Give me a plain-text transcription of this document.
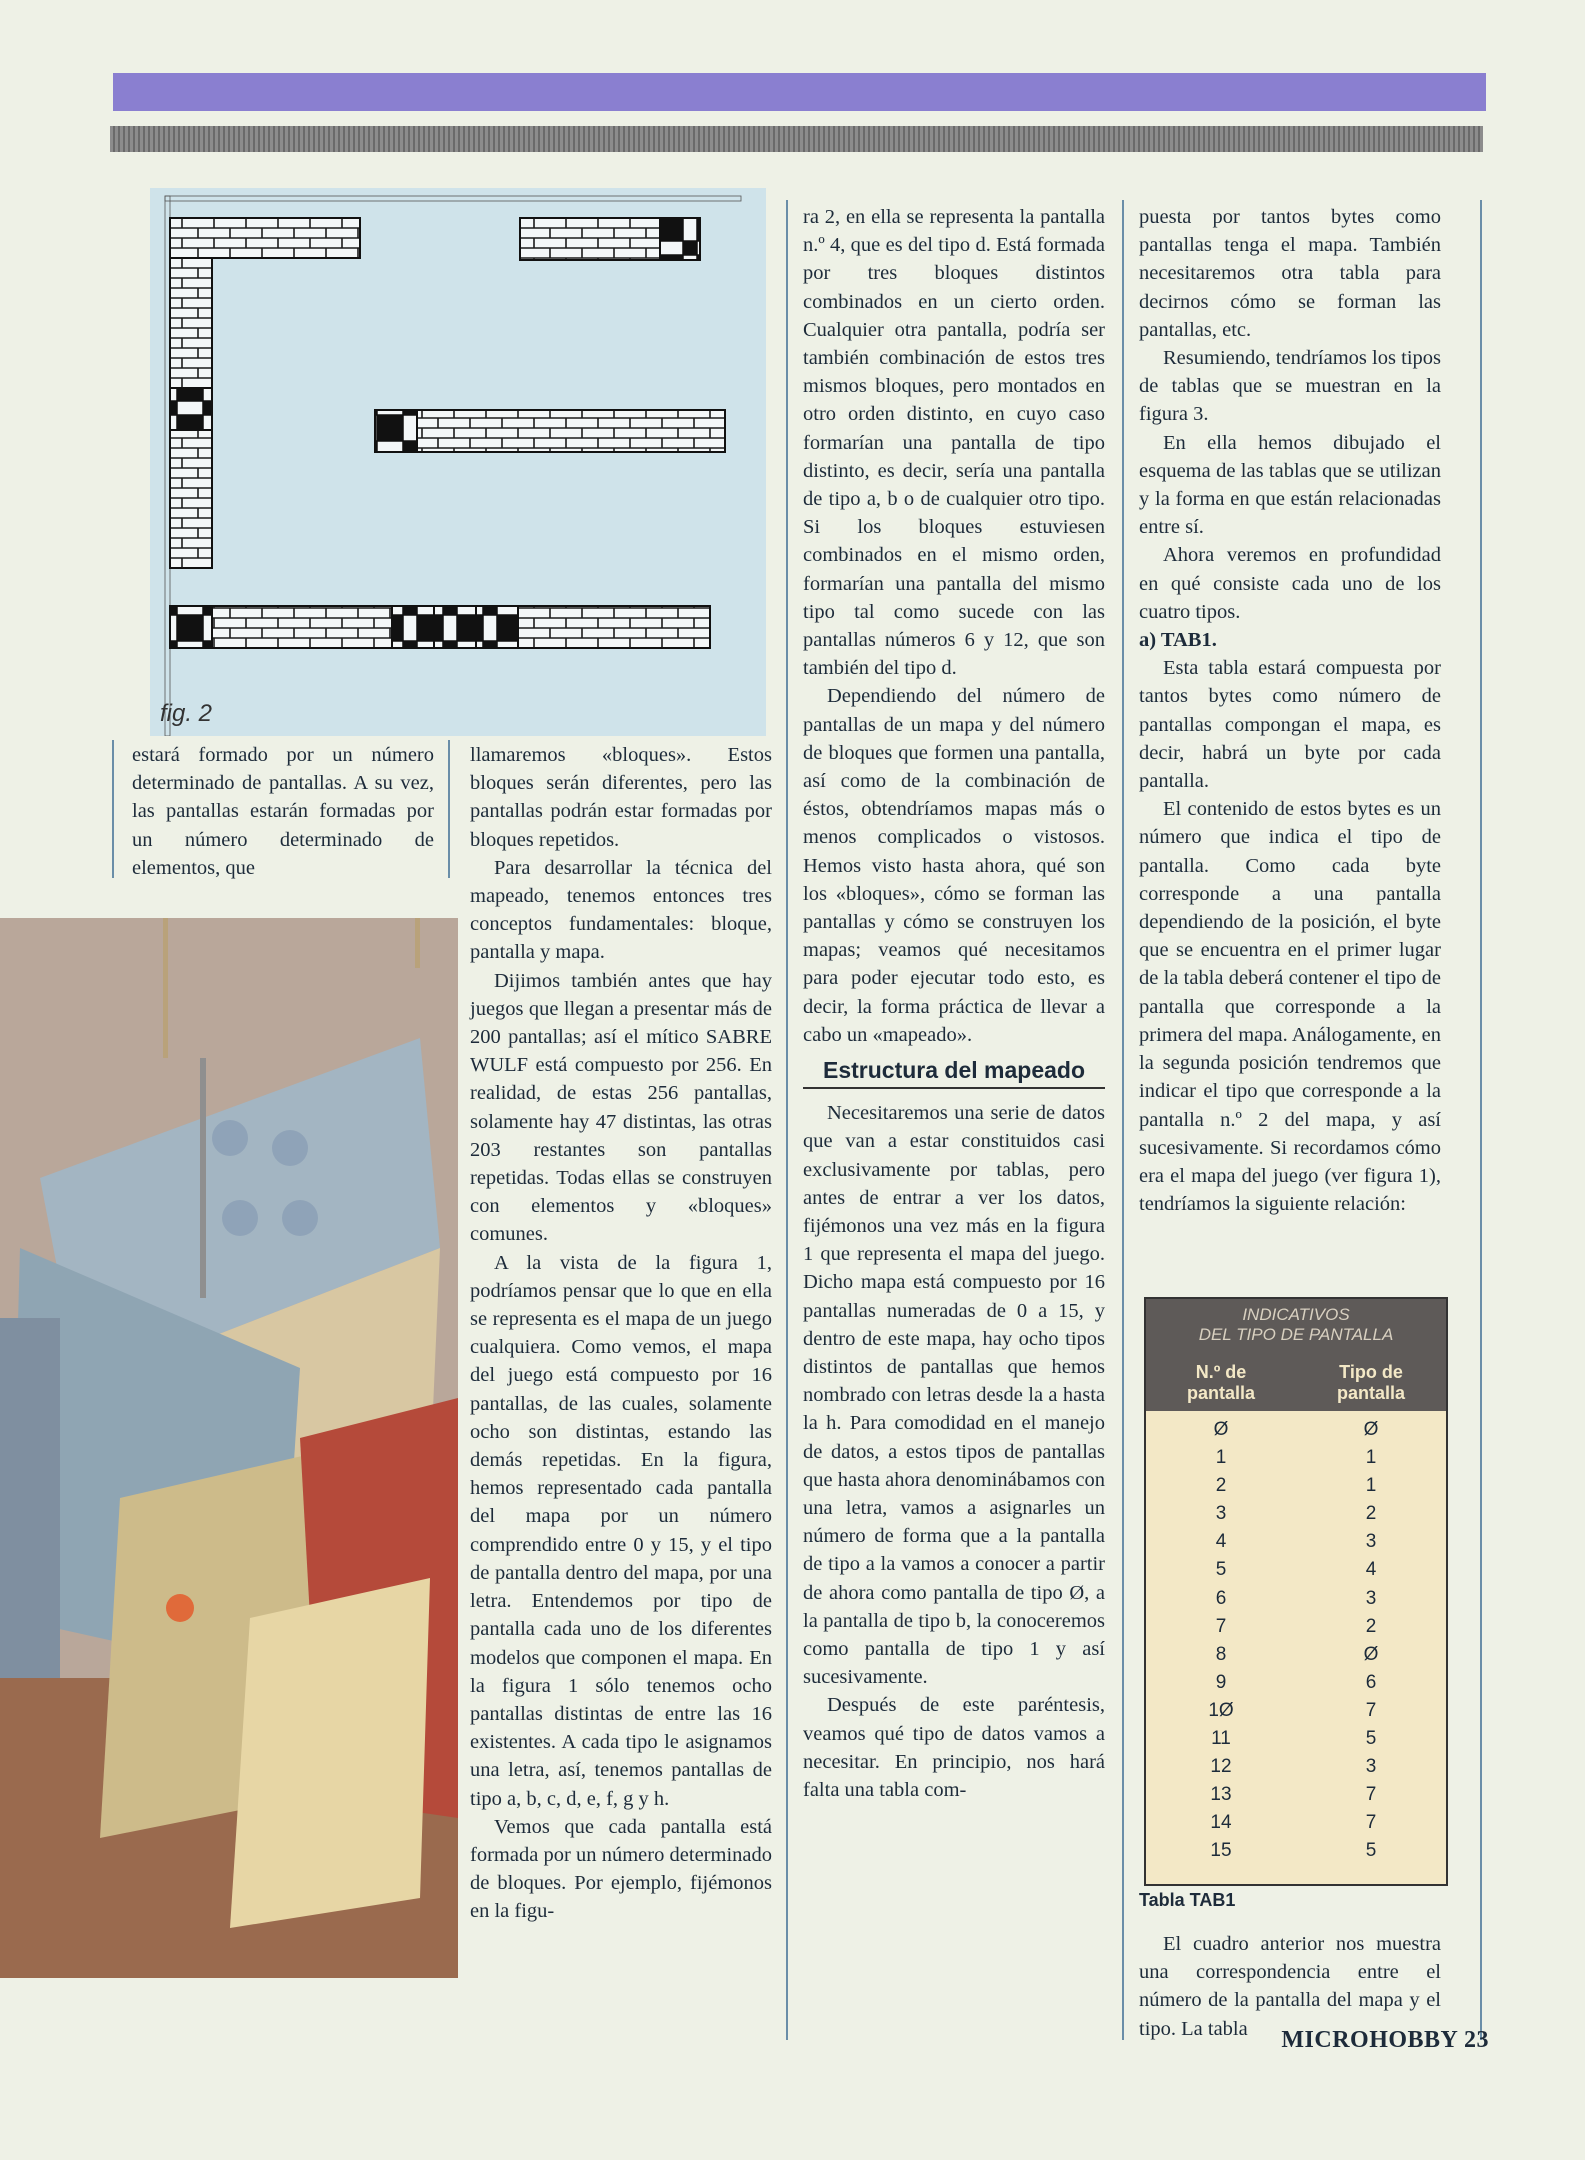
fig. 2

estará formado por un número determinado de pantallas. A su vez, las pantallas estarán formadas por un número determinado de elementos, que

llamaremos «bloques». Estos bloques serán diferentes, pero las pantallas podrán estar formadas por bloques repetidos.

Para desarrollar la técnica del mapeado, tenemos entonces tres conceptos fundamentales: bloque, pantalla y mapa.

Dijimos también antes que hay juegos que llegan a presentar más de 200 pantallas; así el mítico SABRE WULF está compuesto por 256. En realidad, de estas 256 pantallas, solamente hay 47 distintas, las otras 203 restantes son pantallas repetidas. Todas ellas se construyen con elementos y «bloques» comunes.

A la vista de la figura 1, podríamos pensar que lo que en ella se representa es el mapa de un juego cualquiera. Como vemos, el mapa del juego está compuesto por 16 pantallas, de las cuales, solamente ocho son distintas, estando las demás repetidas. En la figura, hemos representado cada pantalla del mapa por un número comprendido entre 0 y 15, y el tipo de pantalla dentro del mapa, por una letra. Entendemos por tipo de pantalla cada uno de los diferentes modelos que componen el mapa. En la figura 1 sólo tenemos ocho pantallas distintas de entre las 16 existentes. A cada tipo le asignamos una letra, así, tenemos pantallas de tipo a, b, c, d, e, f, g y h.

Vemos que cada pantalla está formada por un número determinado de bloques. Por ejemplo, fijémonos en la figu-

ra 2, en ella se representa la pantalla n.º 4, que es del tipo d. Está formada por tres bloques distintos combinados en un cierto orden. Cualquier otra pantalla, podría ser también combinación de estos tres mismos bloques, pero montados en otro orden distinto, en cuyo caso formarían una pantalla de tipo distinto, es decir, sería una pantalla de tipo a, b o de cualquier otro tipo. Si los bloques estuviesen combinados en el mismo orden, formarían una pantalla del mismo tipo tal como sucede con las pantallas números 6 y 12, que son también del tipo d.

Dependiendo del número de pantallas de un mapa y del número de bloques que formen una pantalla, así como de la combinación de éstos, obtendríamos mapas más o menos complicados o vistosos. Hemos visto hasta ahora, qué son los «bloques», cómo se forman las pantallas y cómo se construyen los mapas; veamos qué necesitamos para poder ejecutar todo esto, es decir, la forma práctica de llevar a cabo un «mapeado».

Estructura del mapeado

Necesitaremos una serie de datos que van a estar constituidos casi exclusivamente por tablas, pero antes de entrar a ver los datos, fijémonos una vez más en la figura 1 que representa el mapa del juego. Dicho mapa está compuesto por 16 pantallas numeradas de 0 a 15, y dentro de este mapa, hay ocho tipos distintos de pantallas que hemos nombrado con letras desde la a hasta la h. Para comodidad en el manejo de datos, a estos tipos de pantallas que hasta ahora denominábamos con una letra, vamos a asignarles un número de forma que a la pantalla de tipo a la vamos a conocer a partir de ahora como pantalla de tipo Ø, a la pantalla de tipo b, la conoceremos como pantalla de tipo 1 y así sucesivamente.

Después de este paréntesis, veamos qué tipo de datos vamos a necesitar. En principio, nos hará falta una tabla com-

puesta por tantos bytes como pantallas tenga el mapa. También necesitaremos otra tabla para decirnos cómo se forman las pantallas, etc.

Resumiendo, tendríamos los tipos de tablas que se muestran en la figura 3.

En ella hemos dibujado el esquema de las tablas que se utilizan y la forma en que están relacionadas entre sí.

Ahora veremos en profundidad en qué consiste cada uno de los cuatro tipos.

a) TAB1.

Esta tabla estará compuesta por tantos bytes como número de pantallas compongan el mapa, es decir, habrá un byte por cada pantalla.

El contenido de estos bytes es un número que indica el tipo de pantalla. Como cada byte corresponde a una pantalla dependiendo de la posición, el byte que se encuentra en el primer lugar de la tabla deberá contener el tipo de pantalla que corresponde a la primera del mapa. Análogamente, en la segunda posición tendremos que indicar el tipo que corresponde a la pantalla n.º 2 del mapa, y así sucesivamente. Si recordamos cómo era el mapa del juego (ver figura 1), tendríamos la siguiente relación:

INDICATIVOS
DEL TIPO DE PANTALLA
N.º de
pantalla
Tipo de
pantalla
Ø	Ø
1	1
2	1
3	2
4	3
5	4
6	3
7	2
8	Ø
9	6
1Ø	7
11	5
12	3
13	7
14	7
15	5
Tabla TAB1

El cuadro anterior nos muestra una correspondencia entre el número de la pantalla del mapa y el tipo. La tabla	MICROHOBBY 23
